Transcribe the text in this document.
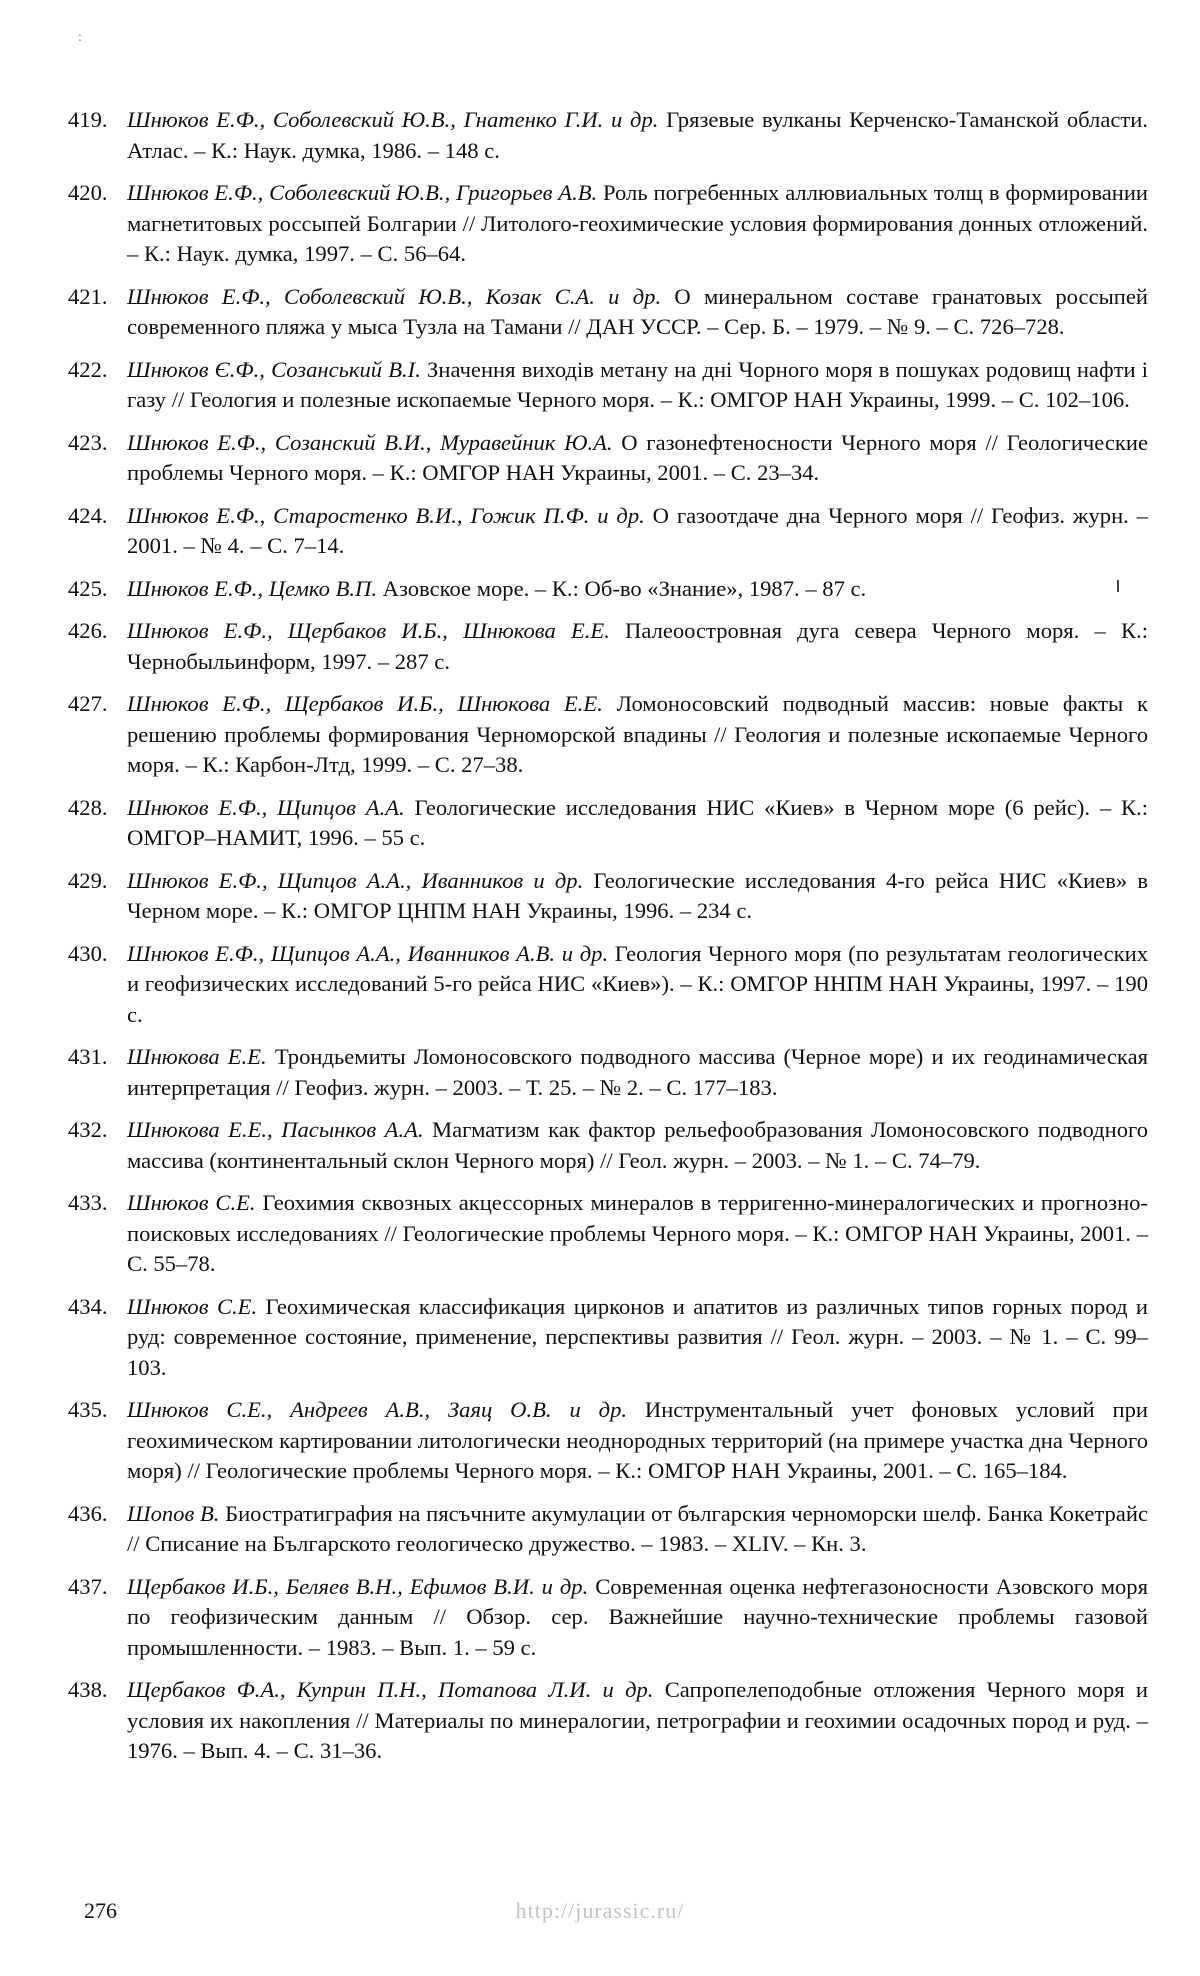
:
419. Шнюков Е.Ф., Соболевский Ю.В., Гнатенко Г.И. и др. Грязевые вулканы Керченско-Таманской области. Атлас. – К.: Наук. думка, 1986. – 148 с.
420. Шнюков Е.Ф., Соболевский Ю.В., Григорьев А.В. Роль погребенных аллювиальных толщ в формировании магнетитовых россыпей Болгарии // Литолого-геохимические условия формирования донных отложений. – К.: Наук. думка, 1997. – С. 56–64.
421. Шнюков Е.Ф., Соболевский Ю.В., Козак С.А. и др. О минеральном составе гранатовых россыпей современного пляжа у мыса Тузла на Тамани // ДАН УССР. – Сер. Б. – 1979. – № 9. – С. 726–728.
422. Шнюков Є.Ф., Созанський В.І. Значення виходів метану на дні Чорного моря в пошуках родовищ нафти і газу // Геология и полезные ископаемые Черного моря. – К.: ОМГОР НАН Украины, 1999. – С. 102–106.
423. Шнюков Е.Ф., Созанский В.И., Муравейник Ю.А. О газонефтеносности Черного моря // Геологические проблемы Черного моря. – К.: ОМГОР НАН Украины, 2001. – С. 23–34.
424. Шнюков Е.Ф., Старостенко В.И., Гожик П.Ф. и др. О газоотдаче дна Черного моря // Геофиз. журн. – 2001. – № 4. – С. 7–14.
425. Шнюков Е.Ф., Цемко В.П. Азовское море. – К.: Об-во «Знание», 1987. – 87 с.
426. Шнюков Е.Ф., Щербаков И.Б., Шнюкова Е.Е. Палеоостровная дуга севера Черного моря. – К.: Чернобыльинформ, 1997. – 287 с.
427. Шнюков Е.Ф., Щербаков И.Б., Шнюкова Е.Е. Ломоносовский подводный массив: новые факты к решению проблемы формирования Черноморской впадины // Геология и полезные ископаемые Черного моря. – К.: Карбон-Лтд, 1999. – С. 27–38.
428. Шнюков Е.Ф., Щипцов А.А. Геологические исследования НИС «Киев» в Черном море (6 рейс). – К.: ОМГОР–НАМИТ, 1996. – 55 с.
429. Шнюков Е.Ф., Щипцов А.А., Иванников и др. Геологические исследования 4-го рейса НИС «Киев» в Черном море. – К.: ОМГОР ЦНПМ НАН Украины, 1996. – 234 с.
430. Шнюков Е.Ф., Щипцов А.А., Иванников А.В. и др. Геология Черного моря (по результатам геологических и геофизических исследований 5-го рейса НИС «Киев»). – К.: ОМГОР ННПМ НАН Украины, 1997. – 190 с.
431. Шнюкова Е.Е. Трондьемиты Ломоносовского подводного массива (Черное море) и их геодинамическая интерпретация // Геофиз. журн. – 2003. – Т. 25. – № 2. – С. 177–183.
432. Шнюкова Е.Е., Пасынков А.А. Магматизм как фактор рельефообразования Ломоносовского подводного массива (континентальный склон Черного моря) // Геол. журн. – 2003. – № 1. – С. 74–79.
433. Шнюков С.Е. Геохимия сквозных акцессорных минералов в терригенно-минералогических и прогнозно-поисковых исследованиях // Геологические проблемы Черного моря. – К.: ОМГОР НАН Украины, 2001. – С. 55–78.
434. Шнюков С.Е. Геохимическая классификация цирконов и апатитов из различных типов горных пород и руд: современное состояние, применение, перспективы развития // Геол. журн. – 2003. – № 1. – С. 99–103.
435. Шнюков С.Е., Андреев А.В., Заяц О.В. и др. Инструментальный учет фоновых условий при геохимическом картировании литологически неоднородных территорий (на примере участка дна Черного моря) // Геологические проблемы Черного моря. – К.: ОМГОР НАН Украины, 2001. – С. 165–184.
436. Шопов В. Биостратиграфия на пясъчните акумулации от българския черноморски шелф. Банка Кокетрайс // Списание на Българското геологическо дружество. – 1983. – XLIV. – Кн. 3.
437. Щербаков И.Б., Беляев В.Н., Ефимов В.И. и др. Современная оценка нефтегазоносности Азовского моря по геофизическим данным // Обзор. сер. Важнейшие научно-технические проблемы газовой промышленности. – 1983. – Вып. 1. – 59 с.
438. Щербаков Ф.А., Куприн П.Н., Потапова Л.И. и др. Сапропелеподобные отложения Черного моря и условия их накопления // Материалы по минералогии, петрографии и геохимии осадочных пород и руд. – 1976. – Вып. 4. – С. 31–36.
276	http://jurassic.ru/
